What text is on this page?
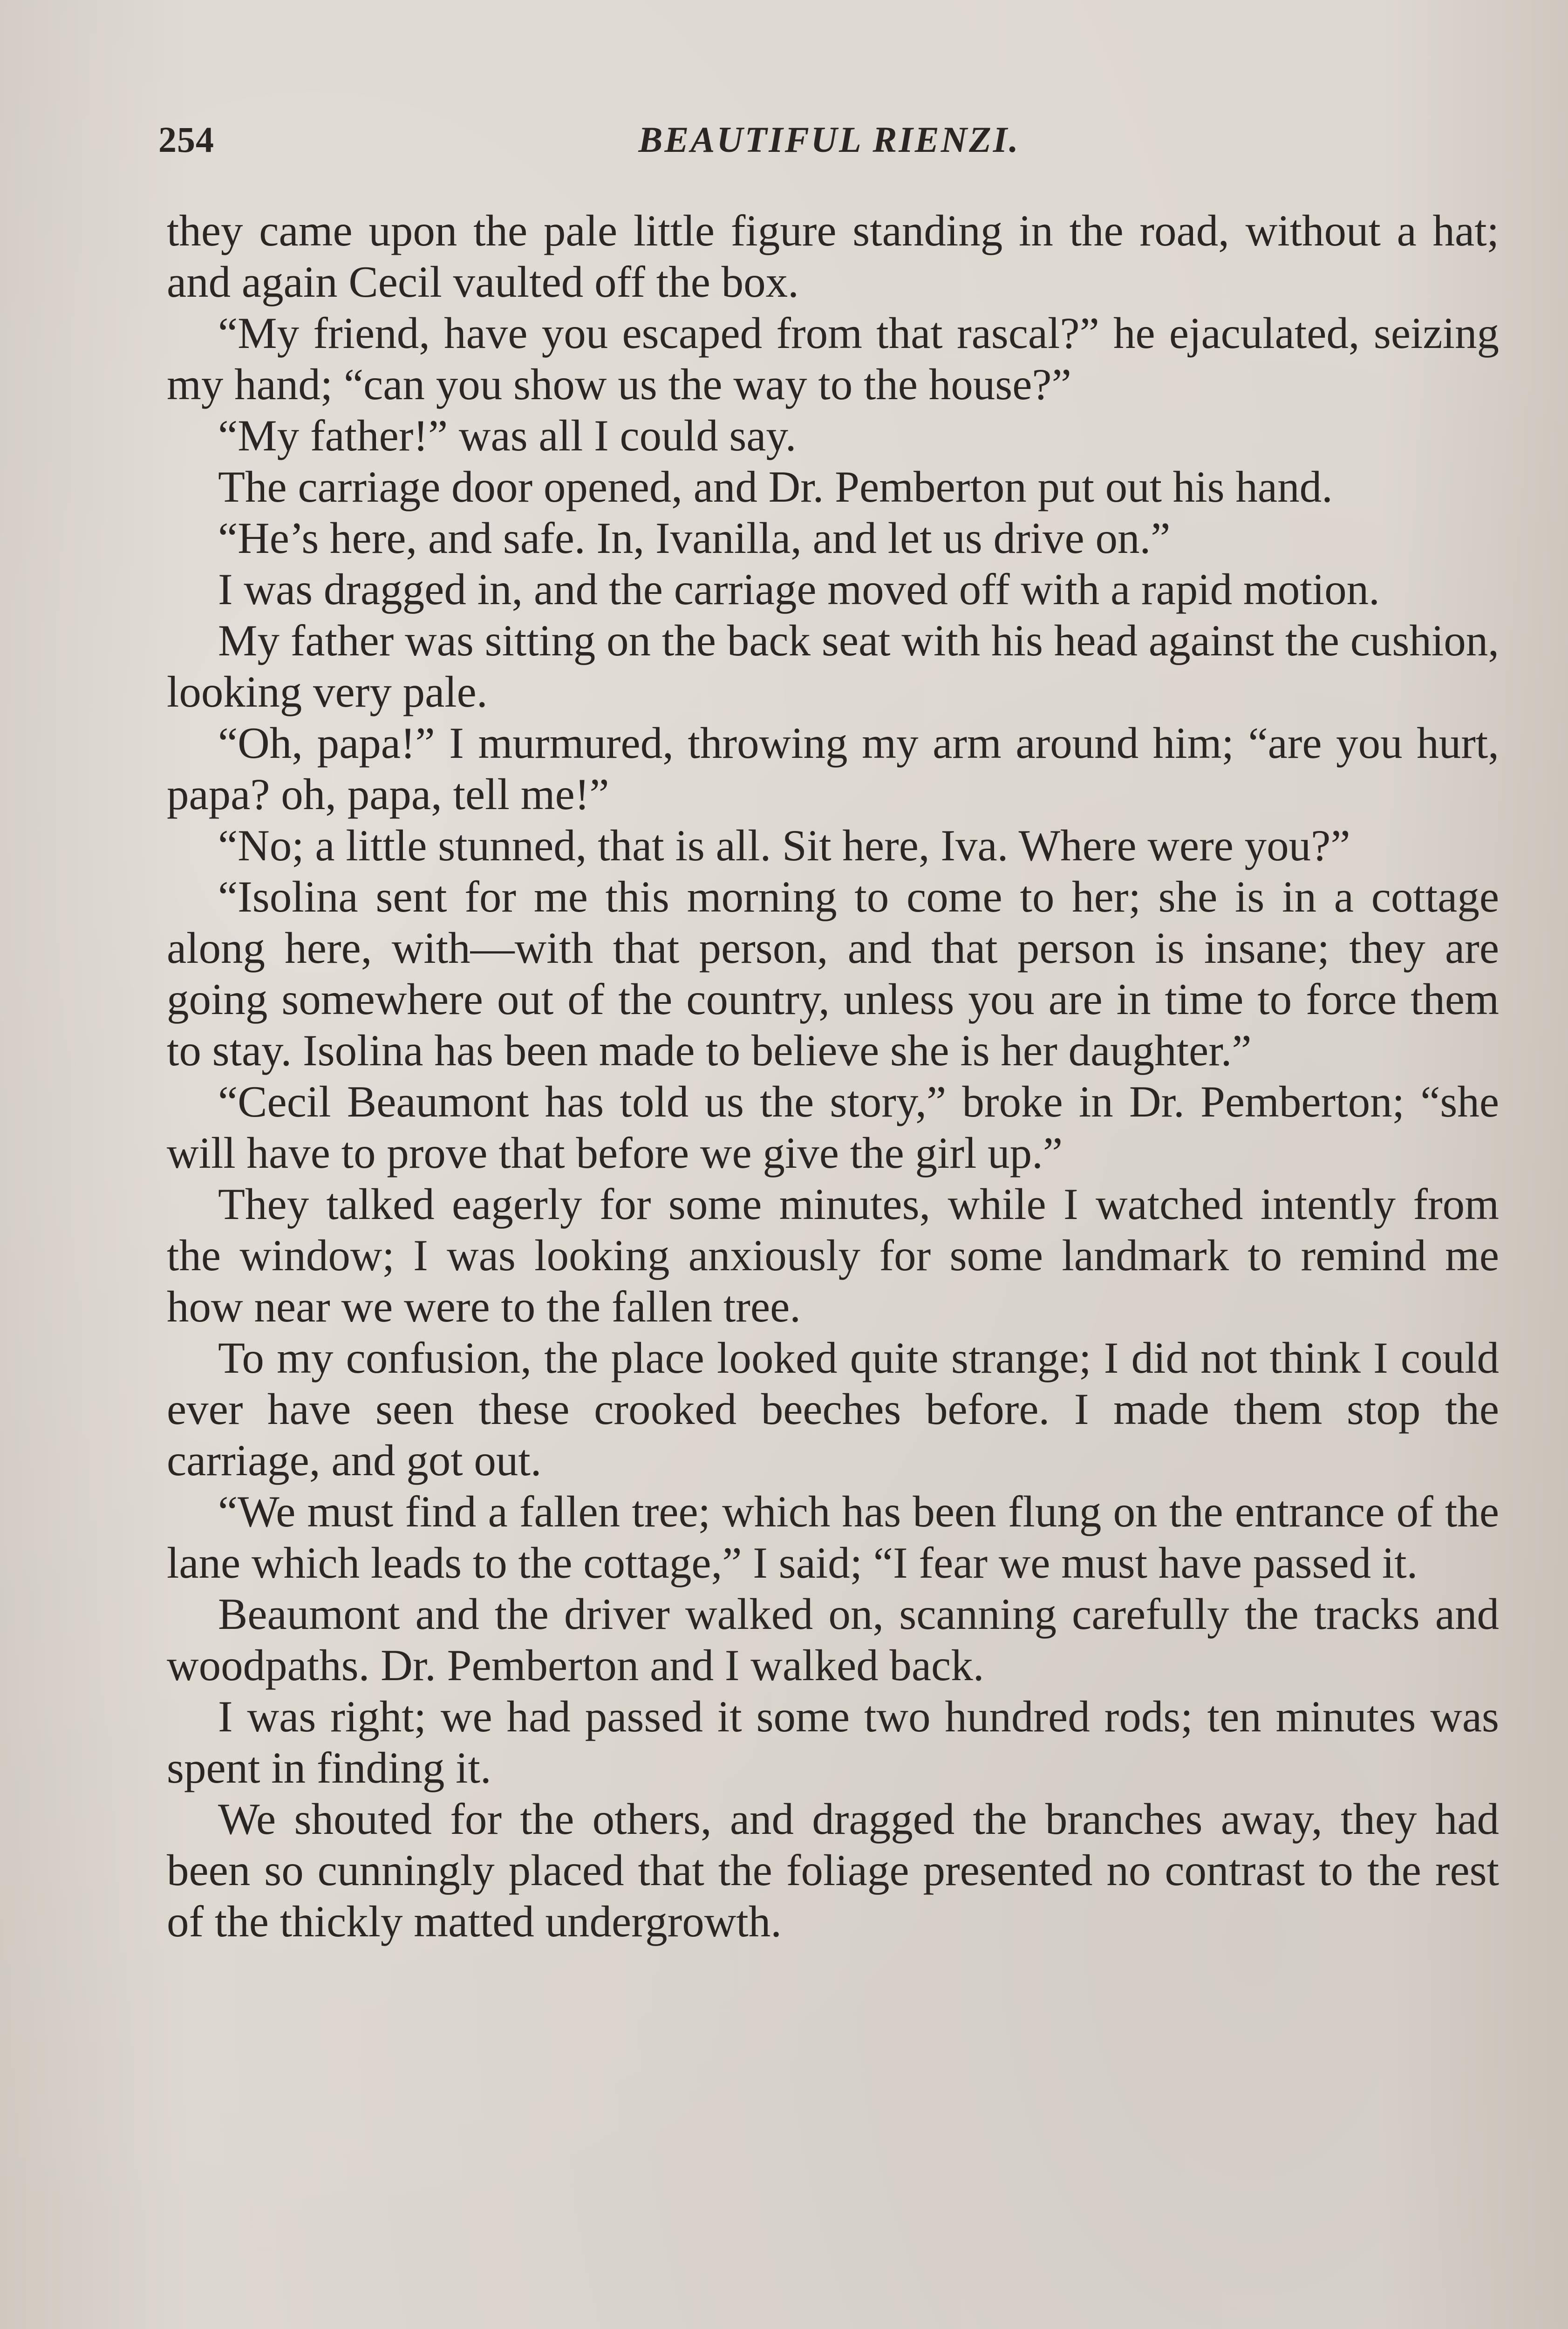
254	BEAUTIFUL RIENZI.

they came upon the pale little figure standing in the road, without a hat; and again Cecil vaulted off the box.

“My friend, have you escaped from that rascal?” he ejaculated, seizing my hand; “can you show us the way to the house?”

“My father!” was all I could say.

The carriage door opened, and Dr. Pemberton put out his hand.

“He’s here, and safe. In, Ivanilla, and let us drive on.”

I was dragged in, and the carriage moved off with a rapid motion.

My father was sitting on the back seat with his head against the cushion, looking very pale.

“Oh, papa!” I murmured, throwing my arm around him; “are you hurt, papa? oh, papa, tell me!”

“No; a little stunned, that is all. Sit here, Iva. Where were you?”

“Isolina sent for me this morning to come to her; she is in a cottage along here, with—with that person, and that person is insane; they are going somewhere out of the country, unless you are in time to force them to stay. Isolina has been made to believe she is her daughter.”

“Cecil Beaumont has told us the story,” broke in Dr. Pemberton; “she will have to prove that before we give the girl up.”

They talked eagerly for some minutes, while I watched intently from the window; I was looking anxiously for some landmark to remind me how near we were to the fallen tree.

To my confusion, the place looked quite strange; I did not think I could ever have seen these crooked beeches before. I made them stop the carriage, and got out.

“We must find a fallen tree; which has been flung on the entrance of the lane which leads to the cottage,” I said; “I fear we must have passed it.

Beaumont and the driver walked on, scanning carefully the tracks and woodpaths. Dr. Pemberton and I walked back.

I was right; we had passed it some two hundred rods; ten minutes was spent in finding it.

We shouted for the others, and dragged the branches away, they had been so cunningly placed that the foliage presented no contrast to the rest of the thickly matted undergrowth.
